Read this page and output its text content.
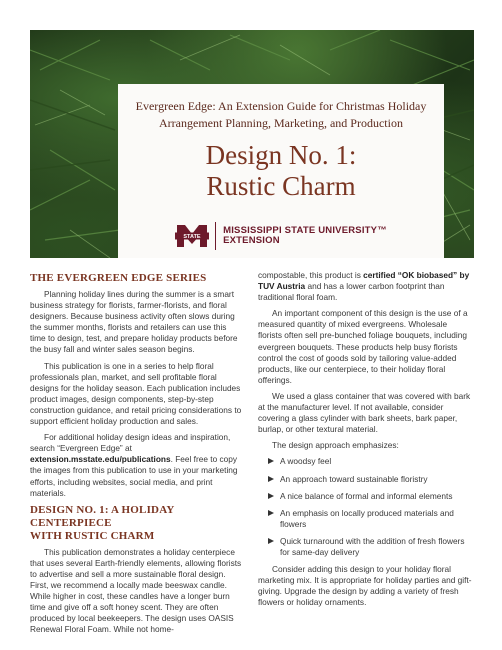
Evergreen Edge: An Extension Guide for Christmas Holiday
Arrangement Planning, Marketing, and Production
Design No. 1:
Rustic Charm
STATE
MISSISSIPPI STATE UNIVERSITY™
EXTENSION
THE EVERGREEN EDGE SERIES

Planning holiday lines during the summer is a smart business strategy for florists, farmer-florists, and floral designers. Because business activity often slows during the summer months, florists and retailers can use this time to design, test, and prepare holiday products before the busy fall and winter sales season begins.

This publication is one in a series to help floral professionals plan, market, and sell profitable floral designs for the holiday season. Each publication includes product images, design components, step-by-step construction guidance, and retail pricing considerations to support efficient holiday production and sales.

For additional holiday design ideas and inspiration, search “Evergreen Edge” at extension.msstate.edu/publications. Feel free to copy the images from this publication to use in your marketing efforts, including websites, social media, and print materials.

DESIGN NO. 1: A HOLIDAY CENTERPIECE
WITH RUSTIC CHARM

This publication demonstrates a holiday centerpiece that uses several Earth-friendly elements, allowing florists to advertise and sell a more sustainable floral design. First, we recommend a locally made beeswax candle. While higher in cost, these candles have a longer burn time and give off a soft honey scent. They are often produced by local beekeepers. The design uses OASIS Renewal Floral Foam. While not home-

compostable, this product is certified “OK biobased” by TUV Austria and has a lower carbon footprint than traditional floral foam.

An important component of this design is the use of a measured quantity of mixed evergreens. Wholesale florists often sell pre-bunched foliage bouquets, including evergreen bouquets. These products help busy florists control the cost of goods sold by tailoring value-added products, like our centerpiece, to their holiday floral offerings.

We used a glass container that was covered with bark at the manufacturer level. If not available, consider covering a glass cylinder with bark sheets, bark paper, burlap, or other textural material.

The design approach emphasizes:

A woodsy feel
An approach toward sustainable floristry
A nice balance of formal and informal elements
An emphasis on locally produced materials and flowers
Quick turnaround with the addition of fresh flowers for same-day delivery

Consider adding this design to your holiday floral marketing mix. It is appropriate for holiday parties and gift-giving. Upgrade the design by adding a variety of fresh flowers or holiday ornaments.
